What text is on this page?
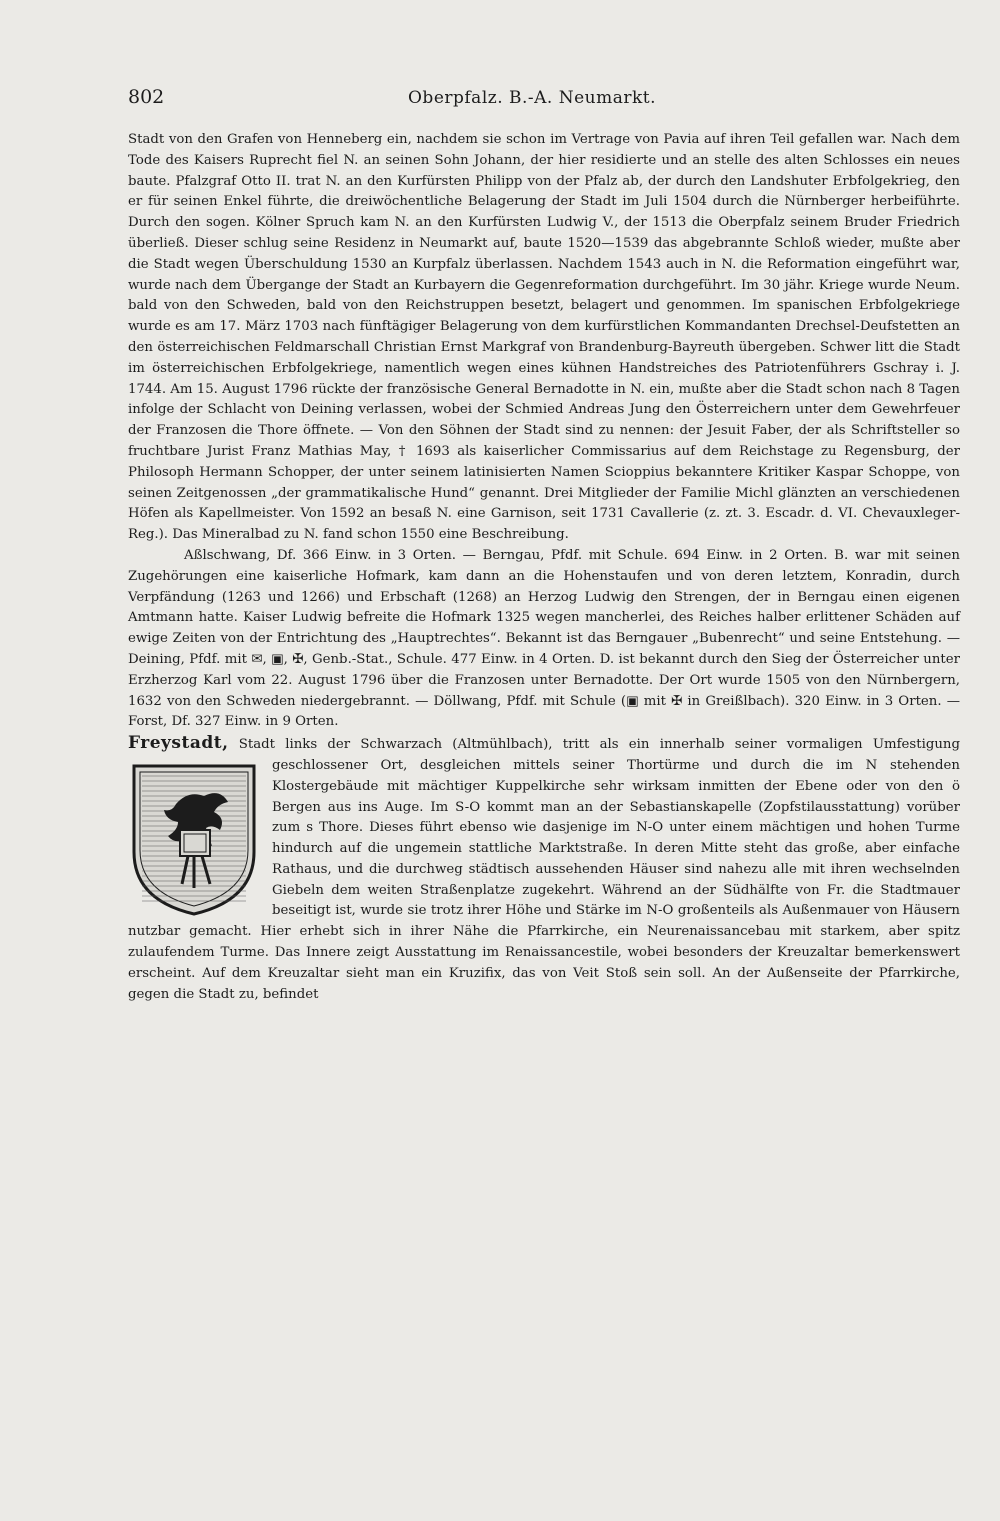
802	Oberpfalz. B.-A. Neumarkt.

Stadt von den Grafen von Henneberg ein, nachdem sie schon im Vertrage von Pavia auf ihren Teil gefallen war. Nach dem Tode des Kaisers Ruprecht fiel N. an seinen Sohn Johann, der hier residierte und an stelle des alten Schlosses ein neues baute. Pfalzgraf Otto II. trat N. an den Kurfürsten Philipp von der Pfalz ab, der durch den Landshuter Erbfolgekrieg, den er für seinen Enkel führte, die dreiwöchentliche Belagerung der Stadt im Juli 1504 durch die Nürnberger herbeiführte. Durch den sogen. Kölner Spruch kam N. an den Kurfürsten Ludwig V., der 1513 die Oberpfalz seinem Bruder Friedrich überließ. Dieser schlug seine Residenz in Neumarkt auf, baute 1520—1539 das abgebrannte Schloß wieder, mußte aber die Stadt wegen Überschuldung 1530 an Kurpfalz überlassen. Nachdem 1543 auch in N. die Reformation eingeführt war, wurde nach dem Übergange der Stadt an Kurbayern die Gegenreformation durchgeführt. Im 30 jähr. Kriege wurde Neum. bald von den Schweden, bald von den Reichstruppen besetzt, belagert und genommen. Im spanischen Erbfolgekriege wurde es am 17. März 1703 nach fünftägiger Belagerung von dem kurfürstlichen Kommandanten Drechsel-Deufstetten an den österreichischen Feldmarschall Christian Ernst Markgraf von Brandenburg-Bayreuth übergeben. Schwer litt die Stadt im österreichischen Erbfolgekriege, namentlich wegen eines kühnen Handstreiches des Patriotenführers Gschray i. J. 1744. Am 15. August 1796 rückte der französische General Bernadotte in N. ein, mußte aber die Stadt schon nach 8 Tagen infolge der Schlacht von Deining verlassen, wobei der Schmied Andreas Jung den Österreichern unter dem Gewehrfeuer der Franzosen die Thore öffnete. — Von den Söhnen der Stadt sind zu nennen: der Jesuit Faber, der als Schriftsteller so fruchtbare Jurist Franz Mathias May, † 1693 als kaiserlicher Commissarius auf dem Reichstage zu Regensburg, der Philosoph Hermann Schopper, der unter seinem latinisierten Namen Scioppius bekanntere Kritiker Kaspar Schoppe, von seinen Zeitgenossen „der grammatikalische Hund“ genannt. Drei Mitglieder der Familie Michl glänzten an verschiedenen Höfen als Kapellmeister. Von 1592 an besaß N. eine Garnison, seit 1731 Cavallerie (z. zt. 3. Escadr. d. VI. Chevauxleger-Reg.). Das Mineralbad zu N. fand schon 1550 eine Beschreibung.

Aßlschwang, Df. 366 Einw. in 3 Orten. — Berngau, Pfdf. mit Schule. 694 Einw. in 2 Orten. B. war mit seinen Zugehörungen eine kaiserliche Hofmark, kam dann an die Hohenstaufen und von deren letztem, Konradin, durch Verpfändung (1263 und 1266) und Erbschaft (1268) an Herzog Ludwig den Strengen, der in Berngau einen eigenen Amtmann hatte. Kaiser Ludwig befreite die Hofmark 1325 wegen mancherlei, des Reiches halber erlittener Schäden auf ewige Zeiten von der Entrichtung des „Hauptrechtes“. Bekannt ist das Berngauer „Bubenrecht“ und seine Entstehung. — Deining, Pfdf. mit ✉, ▣, ✠, Genb.-Stat., Schule. 477 Einw. in 4 Orten. D. ist bekannt durch den Sieg der Österreicher unter Erzherzog Karl vom 22. August 1796 über die Franzosen unter Bernadotte. Der Ort wurde 1505 von den Nürnbergern, 1632 von den Schweden niedergebrannt. — Döllwang, Pfdf. mit Schule (▣ mit ✠ in Greißlbach). 320 Einw. in 3 Orten. — Forst, Df. 327 Einw. in 9 Orten.

Freystadt, Stadt links der Schwarzach (Altmühlbach), tritt als ein innerhalb seiner vormaligen Umfestigung geschlossener Ort, desgleichen mittels seiner Thortürme und durch die
im N stehenden Klostergebäude mit mächtiger Kuppelkirche sehr wirksam inmitten der Ebene oder von den ö Bergen aus ins Auge. Im S-O kommt man an der Sebastianskapelle (Zopfstilausstattung) vorüber zum s Thore. Dieses führt ebenso wie dasjenige im N-O unter einem mächtigen und hohen Turme hindurch auf die ungemein stattliche Marktstraße. In deren Mitte steht das große, aber einfache Rathaus, und die durchweg städtisch aussehenden Häuser sind nahezu alle mit ihren wechselnden Giebeln dem weiten Straßenplatze zugekehrt. Während an der Südhälfte von Fr. die Stadtmauer beseitigt ist, wurde sie trotz ihrer Höhe und Stärke im N-O großenteils als Außenmauer von Häusern nutzbar gemacht. Hier erhebt sich in ihrer Nähe die Pfarrkirche, ein Neurenaissancebau mit starkem, aber spitz zulaufendem Turme. Das Innere zeigt Ausstattung im Renaissancestile, wobei besonders der Kreuzaltar bemerkenswert erscheint. Auf dem Kreuzaltar sieht man ein Kruzifix, das von Veit Stoß sein soll. An der Außenseite der Pfarrkirche, gegen die Stadt zu, befindet
